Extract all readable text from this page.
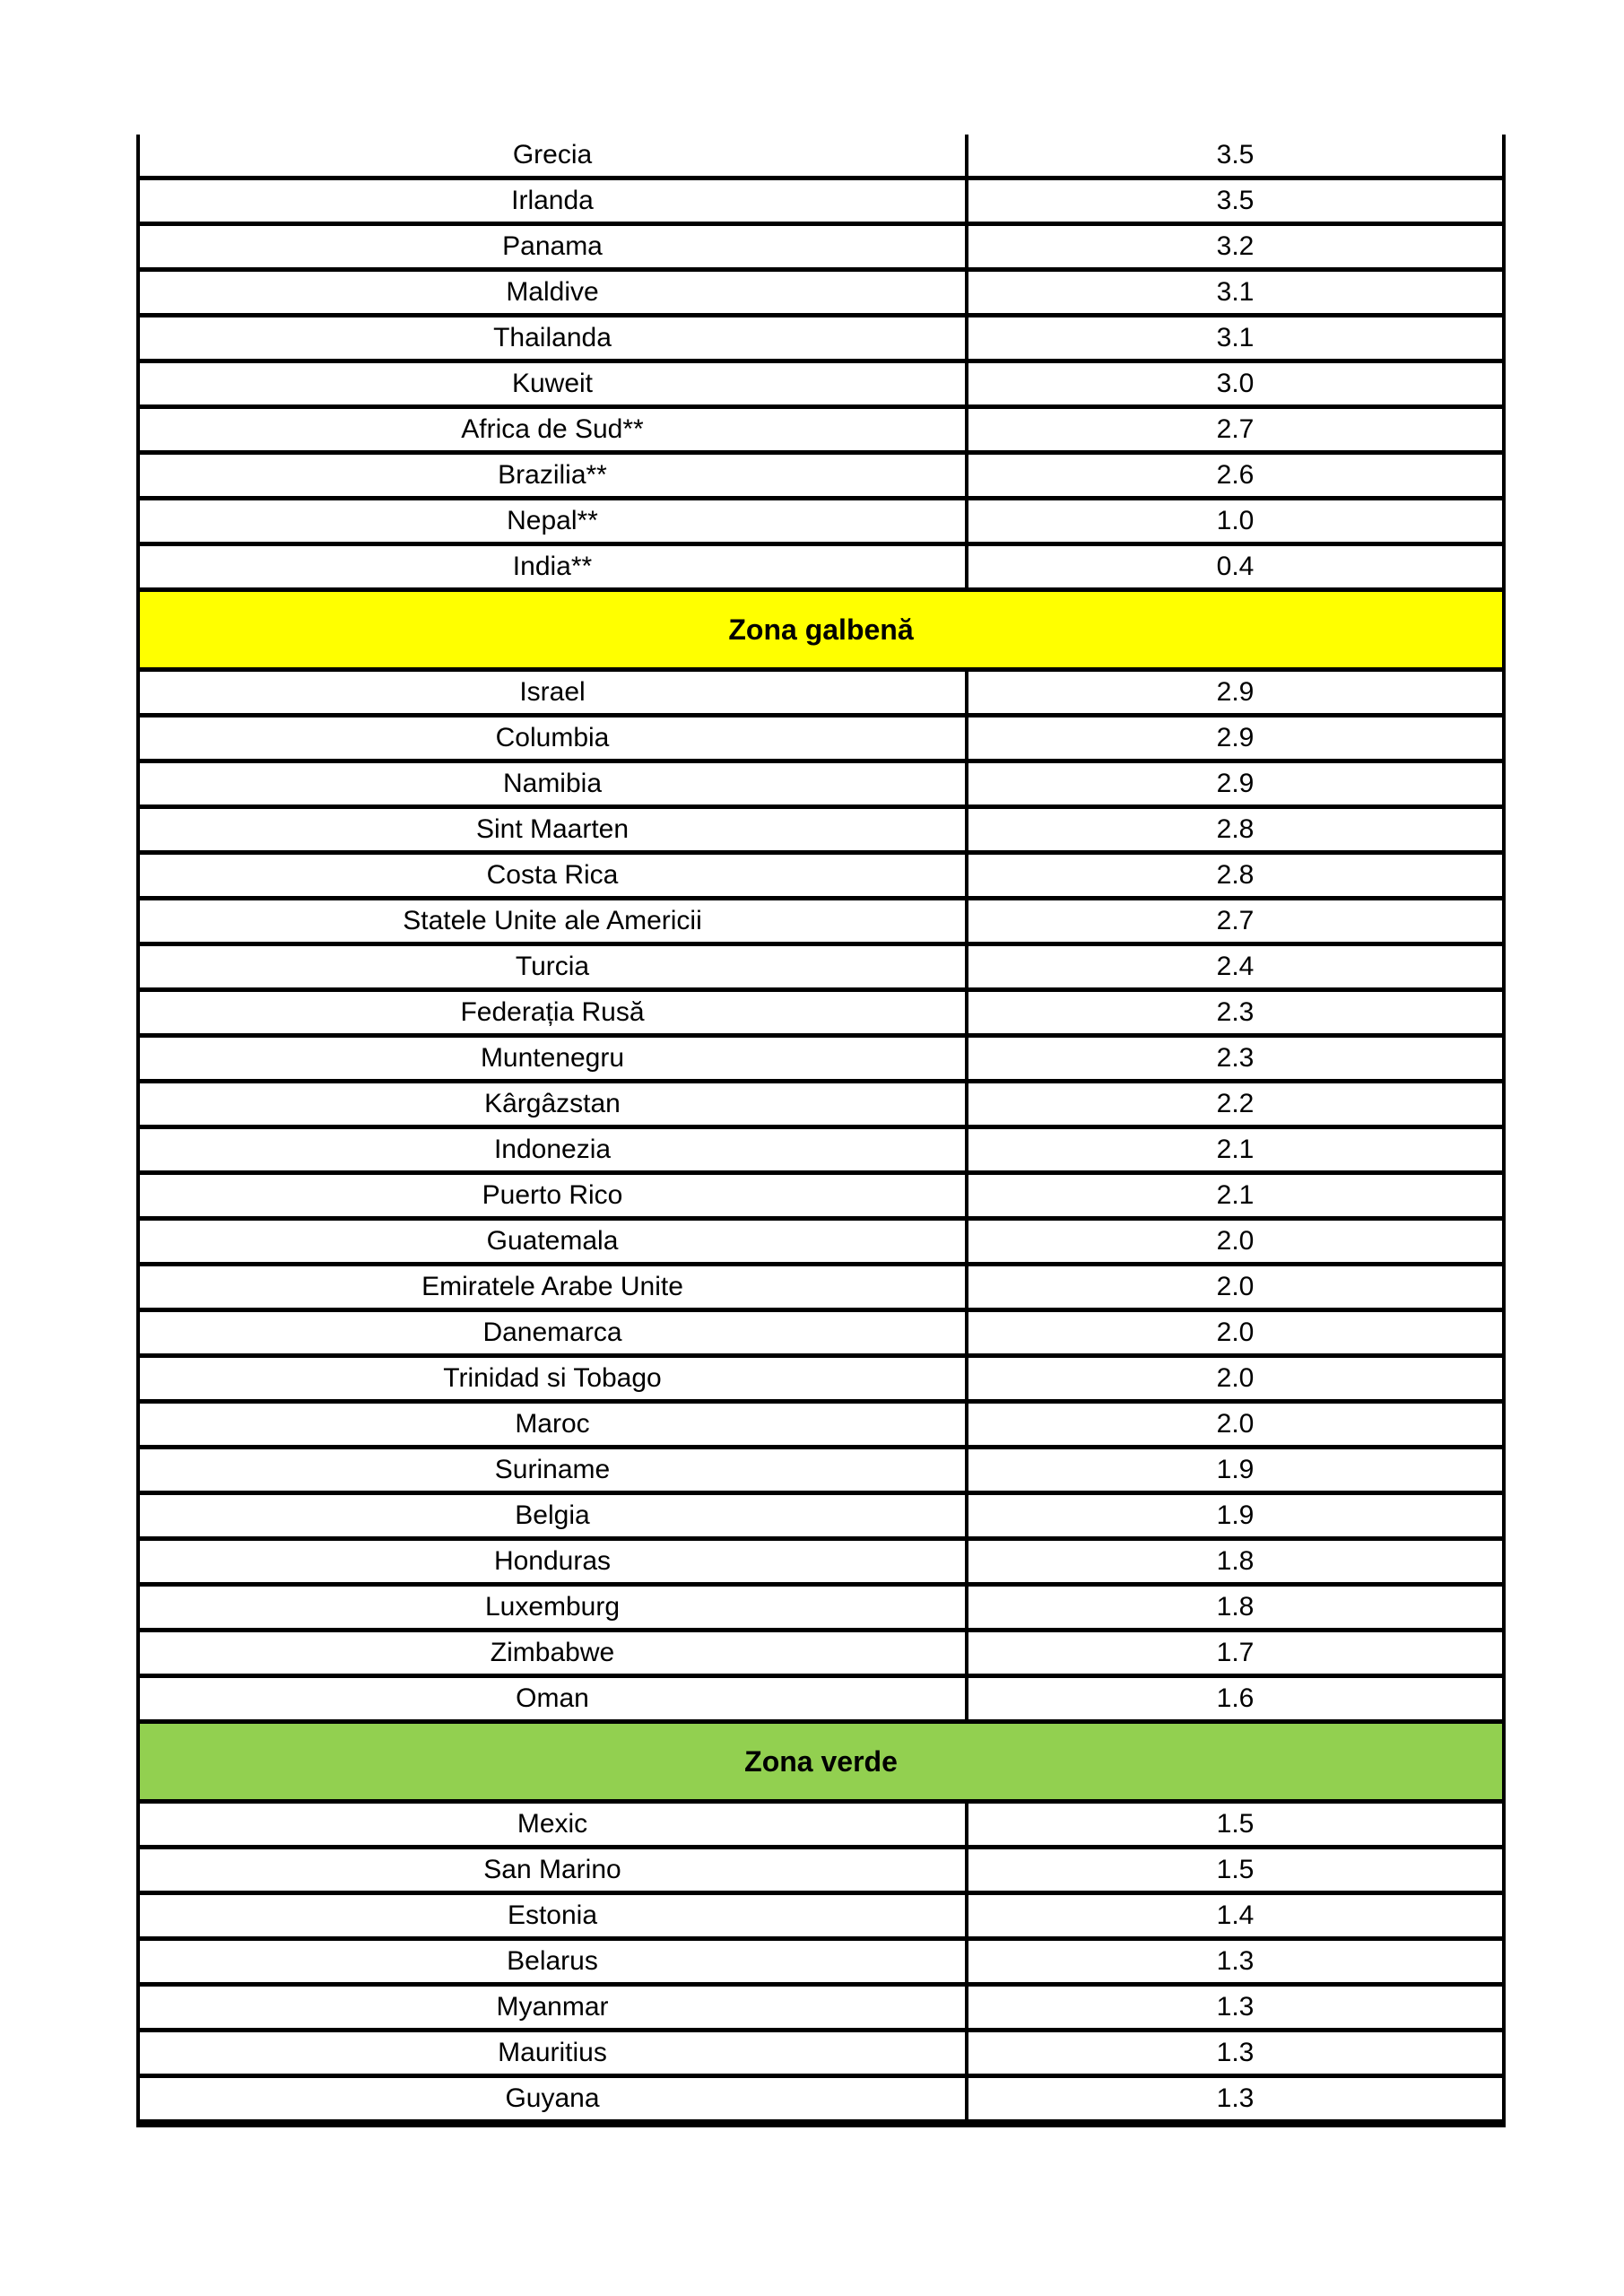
Grecia	3.5
Irlanda	3.5
Panama	3.2
Maldive	3.1
Thailanda	3.1
Kuweit	3.0
Africa de Sud**	2.7
Brazilia**	2.6
Nepal**	1.0
India**	0.4
Zona galbenă	
Israel	2.9
Columbia	2.9
Namibia	2.9
Sint Maarten	2.8
Costa Rica	2.8
Statele Unite ale Americii	2.7
Turcia	2.4
Federația Rusă	2.3
Muntenegru	2.3
Kârgâzstan	2.2
Indonezia	2.1
Puerto Rico	2.1
Guatemala	2.0
Emiratele Arabe Unite	2.0
Danemarca	2.0
Trinidad si Tobago	2.0
Maroc	2.0
Suriname	1.9
Belgia	1.9
Honduras	1.8
Luxemburg	1.8
Zimbabwe	1.7
Oman	1.6
Zona verde	
Mexic	1.5
San Marino	1.5
Estonia	1.4
Belarus	1.3
Myanmar	1.3
Mauritius	1.3
Guyana	1.3
